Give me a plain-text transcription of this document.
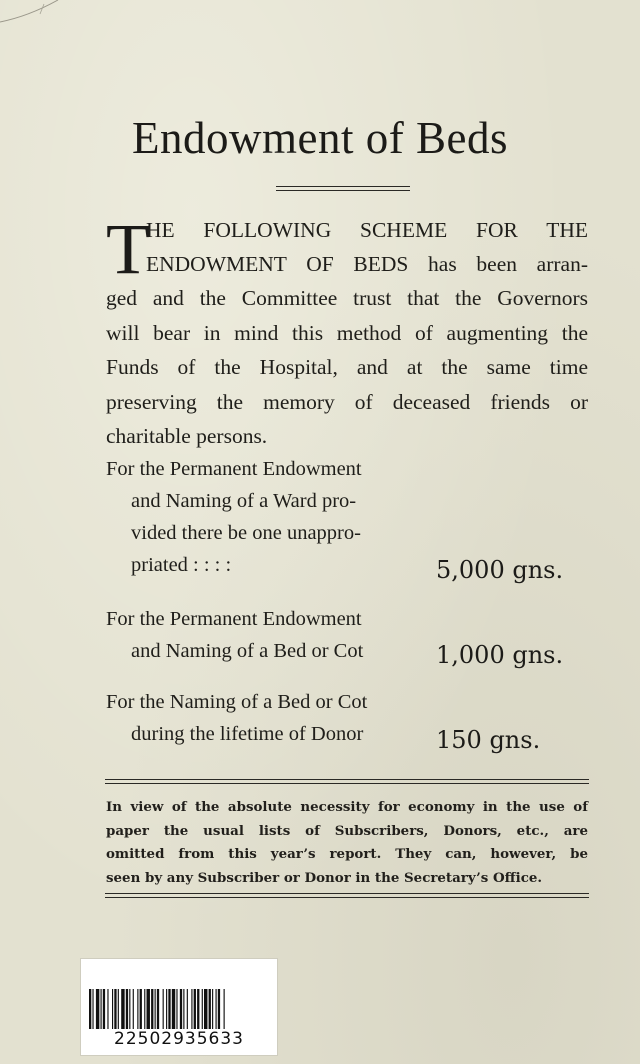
Endowment of Beds
T
HE FOLLOWING SCHEME FOR THE
ENDOWMENT OF BEDS has been arran-
ged and the Committee trust that the Governors
will bear in mind this method of augmenting the
Funds of the Hospital, and at the same time
preserving the memory of deceased friends or
charitable persons.
For the Permanent Endowment
and Naming of a Ward pro-
vided there be one unappro-
priated : : : :	5,000 gns.
For the Permanent Endowment
and Naming of a Bed or Cot	1,000 gns.
For the Naming of a Bed or Cot
during the lifetime of Donor	150 gns.
In view of the absolute necessity for economy in the use of
paper the usual lists of Subscribers, Donors, etc., are
omitted from this year’s report. They can, however, be
seen by any Subscriber or Donor in the Secretary’s Office.
22502935633
